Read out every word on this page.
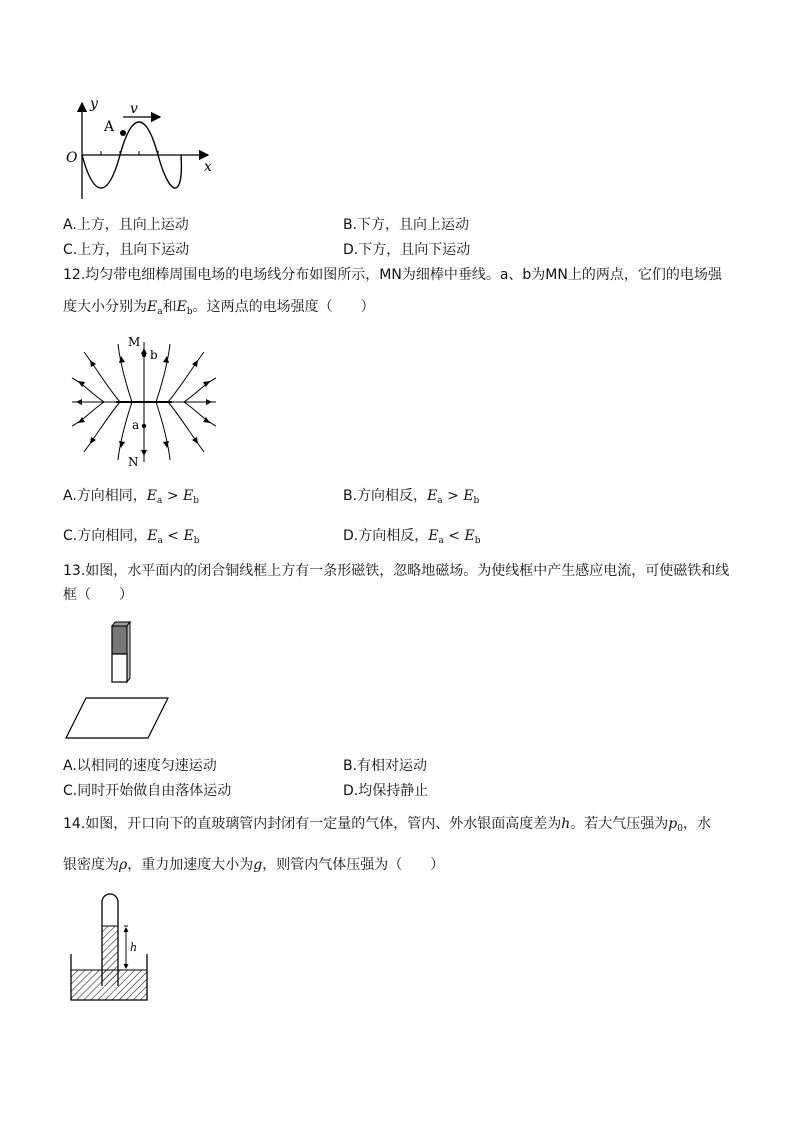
y
x
O
A
v
A.上方，且向上运动	B.下方，且向上运动
C.上方，且向下运动	D.下方，且向下运动
12.均匀带电细棒周围电场的电场线分布如图所示，MN为细棒中垂线。a、b为MN上的两点，它们的电场强
度大小分别为$E_a$和$E_b$。这两点的电场强度（　　）
M
N
b
a
A.方向相同，$E_a > E_b$	B.方向相反，$E_a > E_b$
C.方向相同，$E_a < E_b$	D.方向相反，$E_a < E_b$
13.如图，水平面内的闭合铜线框上方有一条形磁铁，忽略地磁场。为使线框中产生感应电流，可使磁铁和线
框（　　）
A.以相同的速度匀速运动	B.有相对运动
C.同时开始做自由落体运动	D.均保持静止
14.如图，开口向下的直玻璃管内封闭有一定量的气体，管内、外水银面高度差为h。若大气压强为$p_0$，水
银密度为ρ，重力加速度大小为g，则管内气体压强为（　　）
h
